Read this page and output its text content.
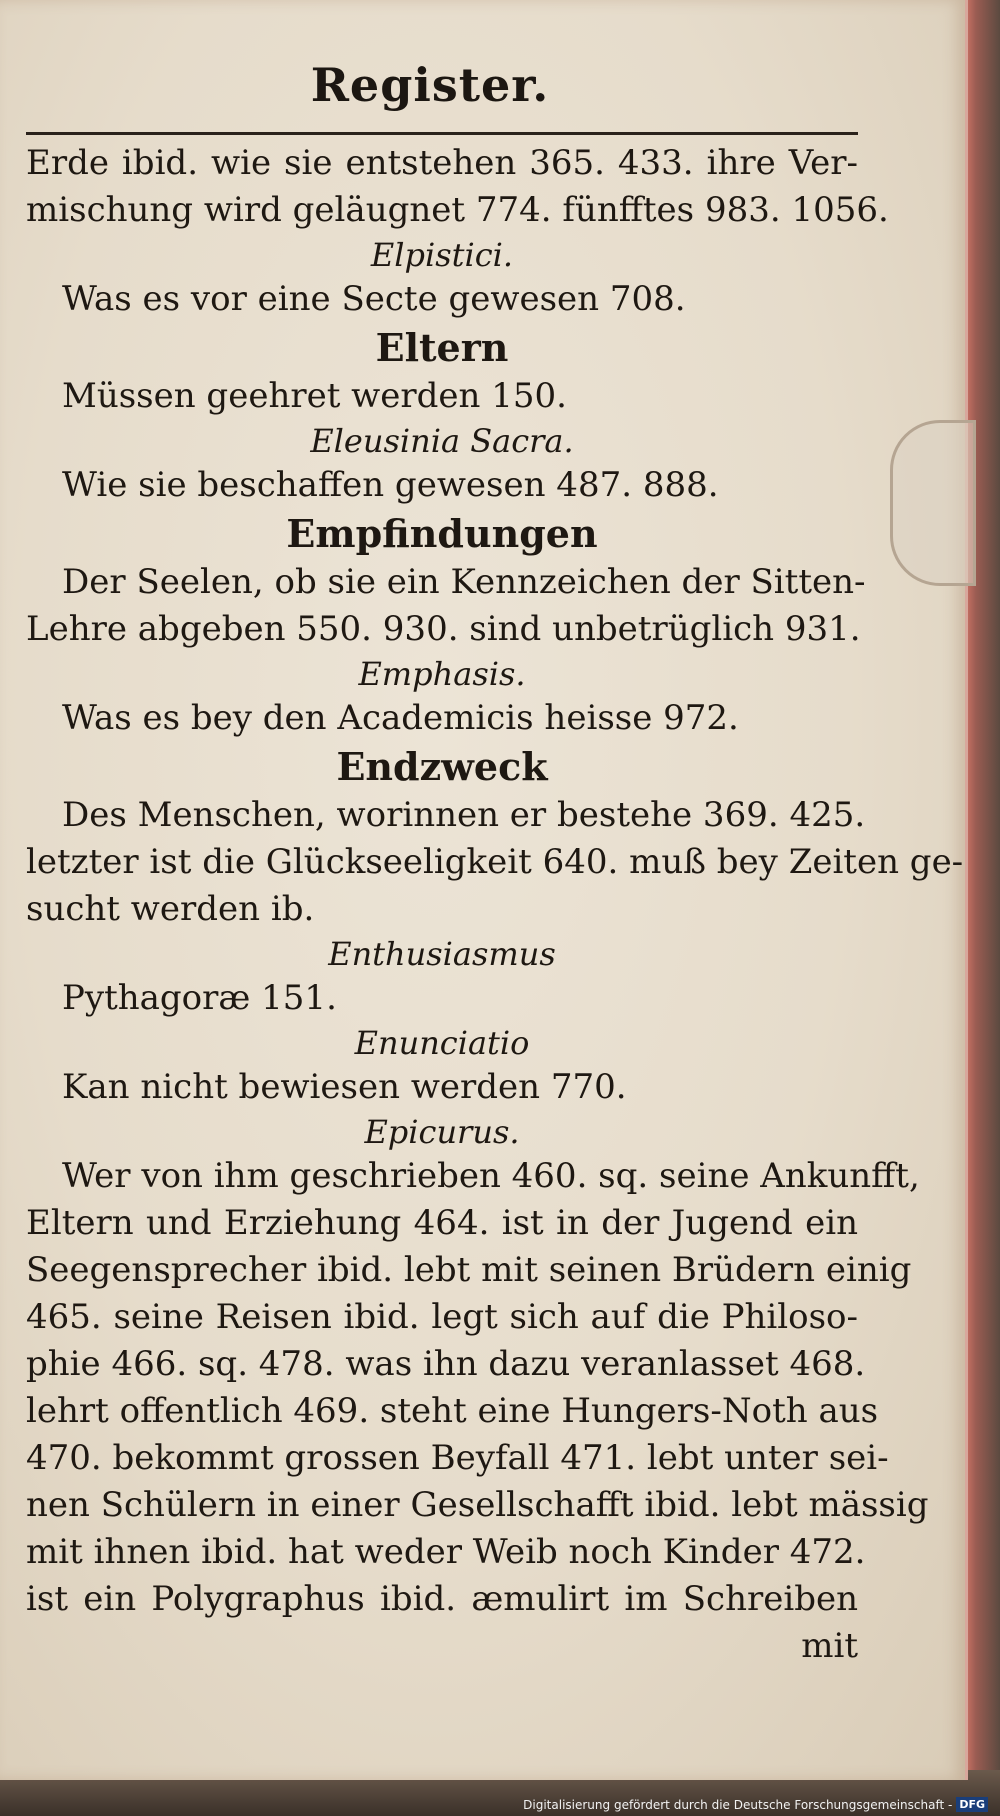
Register.
Erde ibid. wie sie entstehen 365. 433. ihre Ver-
mischung wird geläugnet 774. fünfftes 983. 1056.
Elpistici.
Was es vor eine Secte gewesen 708.
Eltern
Müssen geehret werden 150.
Eleusinia Sacra.
Wie sie beschaffen gewesen 487. 888.
Empfindungen
Der Seelen, ob sie ein Kennzeichen der Sitten-
Lehre abgeben 550. 930. sind unbetrüglich 931.
Emphasis.
Was es bey den Academicis heisse 972.
Endzweck
Des Menschen, worinnen er bestehe 369. 425.
letzter ist die Glückseeligkeit 640. muß bey Zeiten ge-
sucht werden ib.
Enthusiasmus
Pythagoræ 151.
Enunciatio
Kan nicht bewiesen werden 770.
Epicurus.
Wer von ihm geschrieben 460. sq. seine Ankunfft,
Eltern und Erziehung 464. ist in der Jugend ein
Seegensprecher ibid. lebt mit seinen Brüdern einig
465. seine Reisen ibid. legt sich auf die Philoso-
phie 466. sq. 478. was ihn dazu veranlasset 468.
lehrt offentlich 469. steht eine Hungers-Noth aus
470. bekommt grossen Beyfall 471. lebt unter sei-
nen Schülern in einer Gesellschafft ibid. lebt mässig
mit ihnen ibid. hat weder Weib noch Kinder 472.
ist ein Polygraphus ibid. æmulirt im Schreiben
mit
Digitalisierung gefördert durch die Deutsche Forschungsgemeinschaft - DFG
